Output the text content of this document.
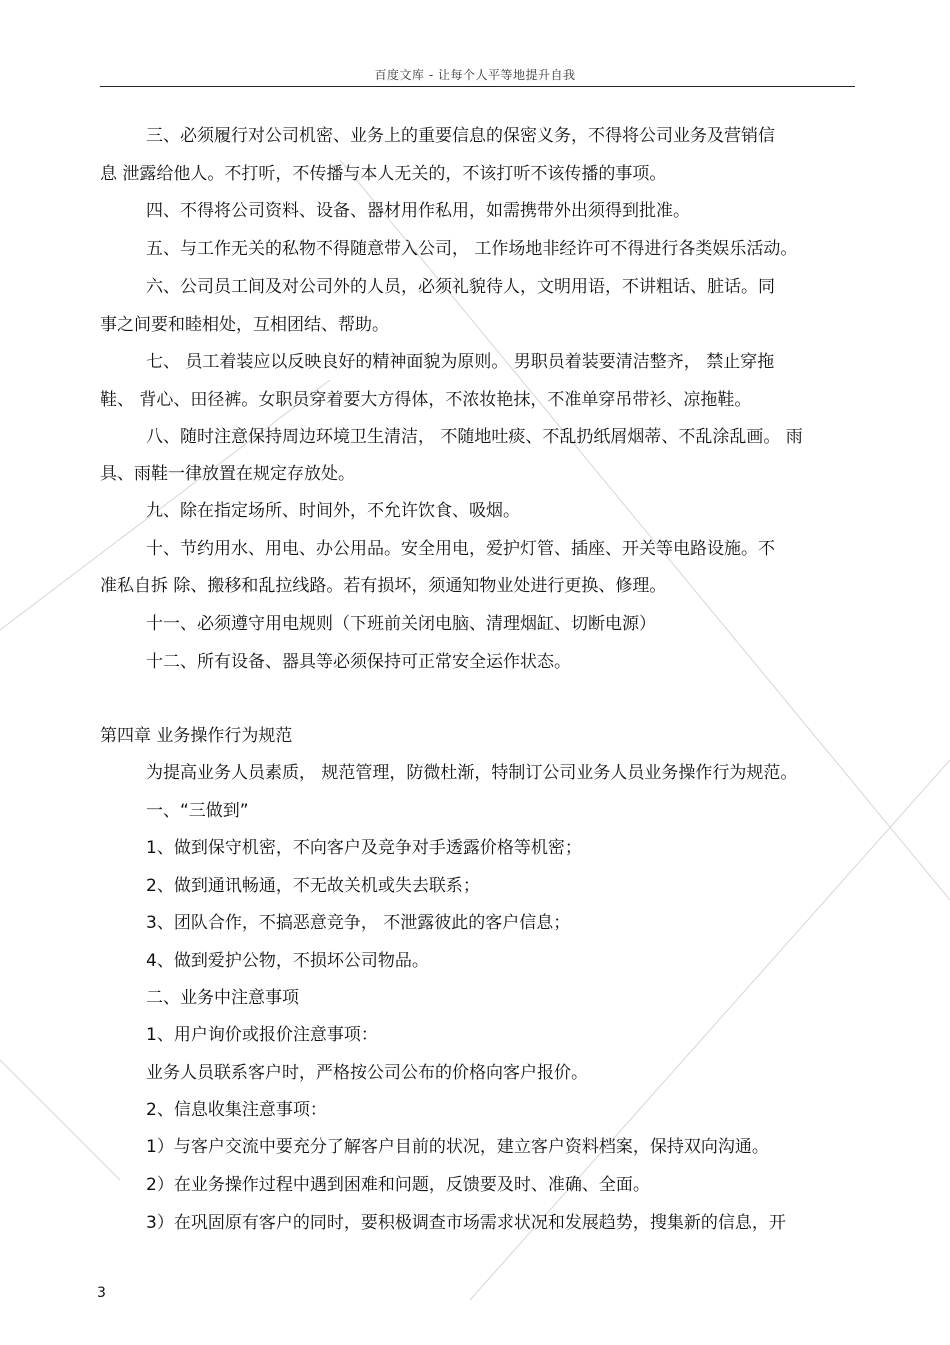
百度文库 - 让每个人平等地提升自我
三、必须履行对公司机密、业务上的重要信息的保密义务，不得将公司业务及营销信
息 泄露给他人。不打听，不传播与本人无关的，不该打听不该传播的事项。
四、不得将公司资料、设备、器材用作私用，如需携带外出须得到批准。
五、与工作无关的私物不得随意带入公司， 工作场地非经许可不得进行各类娱乐活动。
六、公司员工间及对公司外的人员，必须礼貌待人，文明用语，不讲粗话、脏话。同
事之间要和睦相处，互相团结、帮助。
七、 员工着装应以反映良好的精神面貌为原则。 男职员着装要清洁整齐， 禁止穿拖
鞋、 背心、田径裤。女职员穿着要大方得体，不浓妆艳抹，不准单穿吊带衫、凉拖鞋。
八、随时注意保持周边环境卫生清洁， 不随地吐痰、不乱扔纸屑烟蒂、不乱涂乱画。 雨
具、雨鞋一律放置在规定存放处。
九、除在指定场所、时间外，不允许饮食、吸烟。
十、节约用水、用电、办公用品。安全用电，爱护灯管、插座、开关等电路设施。不
准私自拆 除、搬移和乱拉线路。若有损坏，须通知物业处进行更换、修理。
十一、必须遵守用电规则（下班前关闭电脑、清理烟缸、切断电源）
十二、所有设备、器具等必须保持可正常安全运作状态。
第四章 业务操作行为规范
为提高业务人员素质， 规范管理，防微杜渐，特制订公司业务人员业务操作行为规范。
一、“三做到”
1、做到保守机密，不向客户及竞争对手透露价格等机密；
2、做到通讯畅通，不无故关机或失去联系；
3、团队合作，不搞恶意竞争， 不泄露彼此的客户信息；
4、做到爱护公物，不损坏公司物品。
二、业务中注意事项
1、用户询价或报价注意事项：
业务人员联系客户时，严格按公司公布的价格向客户报价。
2、信息收集注意事项：
1）与客户交流中要充分了解客户目前的状况，建立客户资料档案，保持双向沟通。
2）在业务操作过程中遇到困难和问题，反馈要及时、准确、全面。
3）在巩固原有客户的同时，要积极调查市场需求状况和发展趋势，搜集新的信息，开
3
